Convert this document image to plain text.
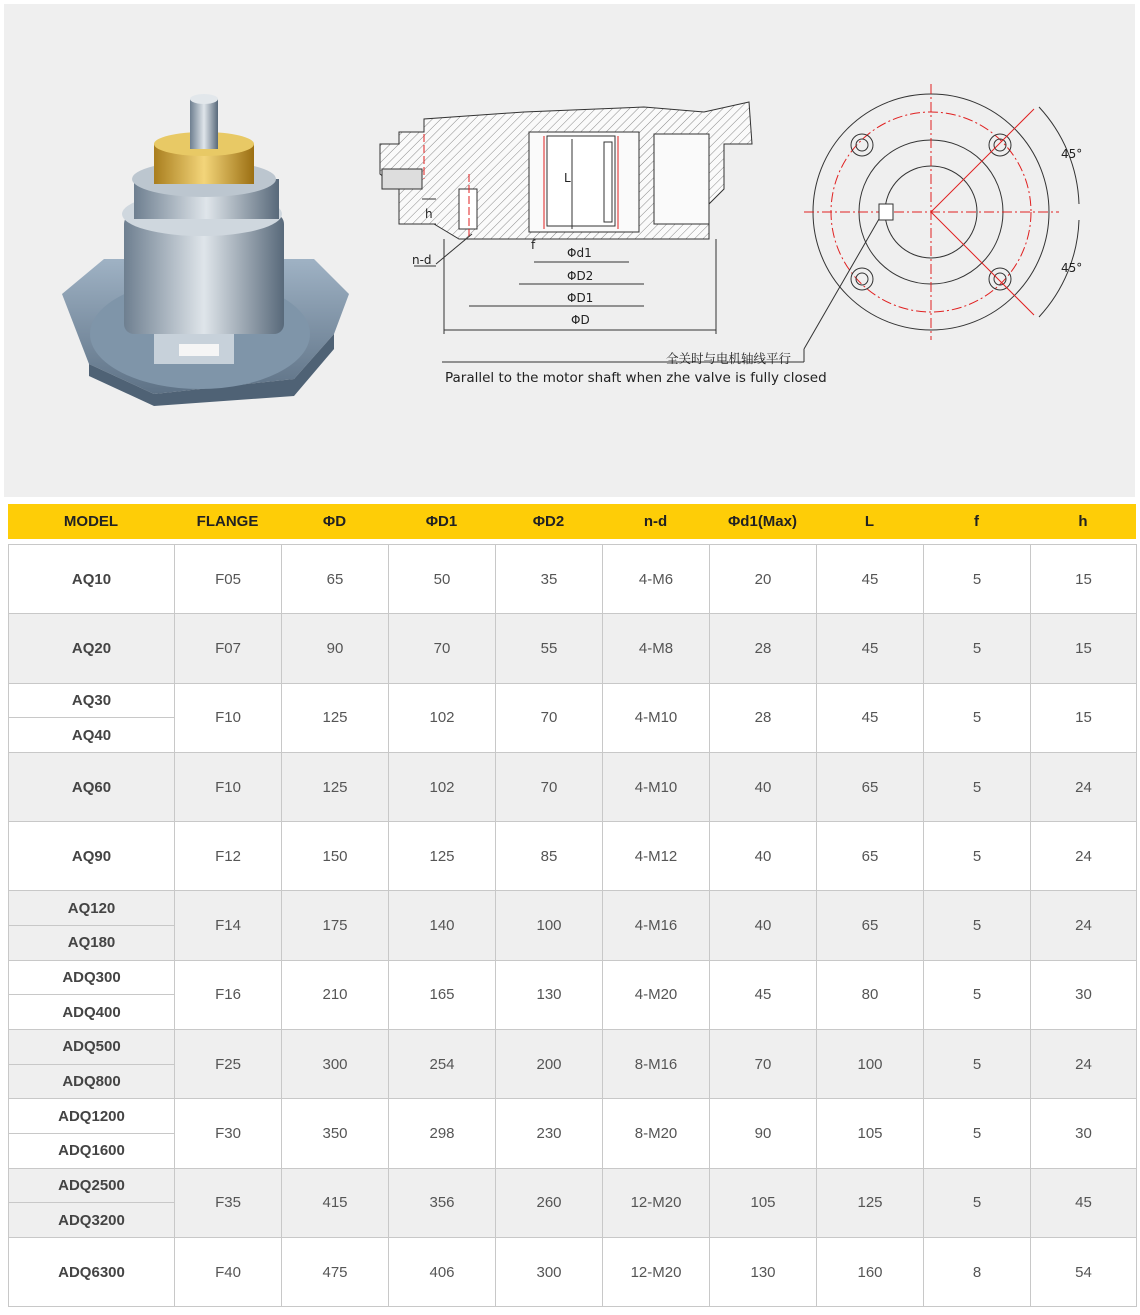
h
n-d
L
f
Φd1
ΦD2
ΦD1
ΦD
45°
45°
全关时与电机轴线平行
Parallel to the motor shaft when zhe valve is fully closed
MODEL	FLANGE	ΦD	ΦD1	ΦD2	n-d	Φd1(Max)	L	f	h
AQ10	F05	65	50	35	4-M6	20	45	5	15
AQ20	F07	90	70	55	4-M8	28	45	5	15
AQ30	F10	125	102	70	4-M10	28	45	5	15
AQ40									
AQ60	F10	125	102	70	4-M10	40	65	5	24
AQ90	F12	150	125	85	4-M12	40	65	5	24
AQ120	F14	175	140	100	4-M16	40	65	5	24
AQ180									
ADQ300	F16	210	165	130	4-M20	45	80	5	30
ADQ400									
ADQ500	F25	300	254	200	8-M16	70	100	5	24
ADQ800									
ADQ1200	F30	350	298	230	8-M20	90	105	5	30
ADQ1600									
ADQ2500	F35	415	356	260	12-M20	105	125	5	45
ADQ3200									
ADQ6300	F40	475	406	300	12-M20	130	160	8	54
